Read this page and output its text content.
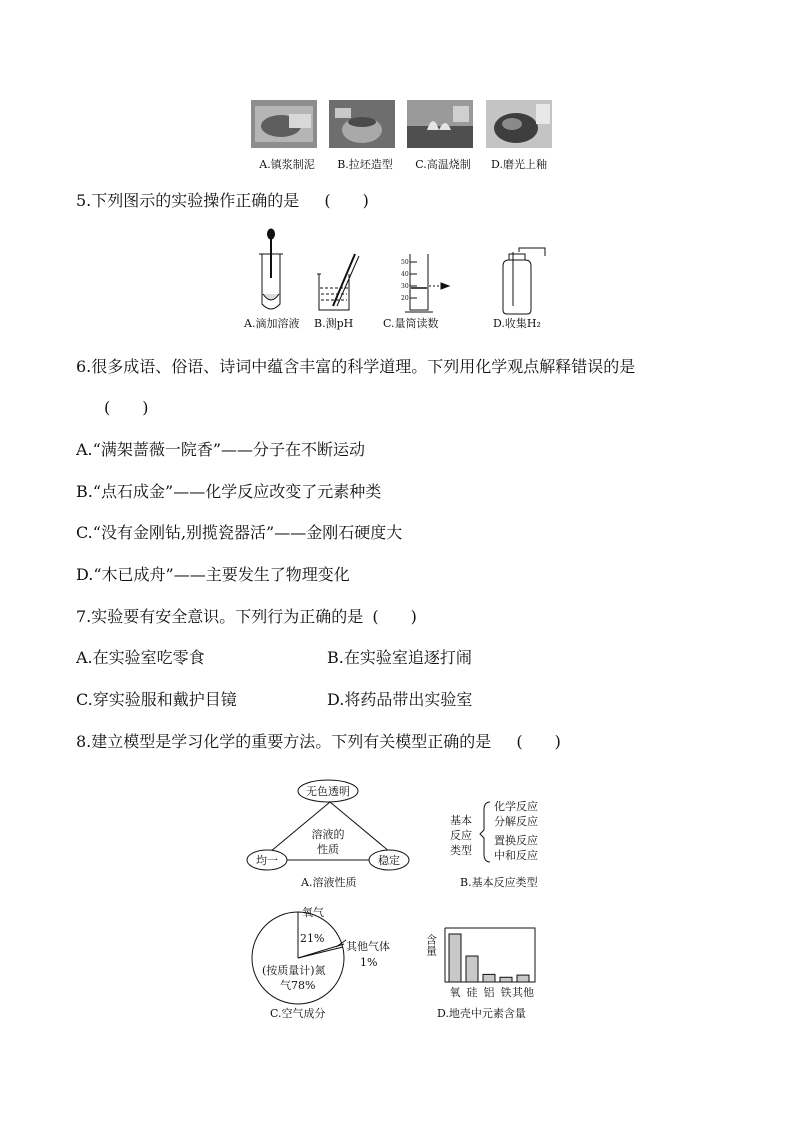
A.镇浆制泥	B.拉坯造型	C.高温烧制	D.磨光上釉
5.下列图示的实验操作正确的是 (　　)
50
40
30
20
A.滴加溶液 B.测pH	C.量筒读数	D.收集H₂
6.很多成语、俗语、诗词中蕴含丰富的科学道理。下列用化学观点解释错误的是
(　　)
A.“满架蔷薇一院香”——分子在不断运动
B.“点石成金”——化学反应改变了元素种类
C.“没有金刚钻,别揽瓷器活”——金刚石硬度大
D.“木已成舟”——主要发生了物理变化
7.实验要有安全意识。下列行为正确的是 (　　)
A.在实验室吃零食	B.在实验室追逐打闹
C.穿实验服和戴护目镜	D.将药品带出实验室
8.建立模型是学习化学的重要方法。下列有关模型正确的是 (　　)
无色透明
均一	稳定
溶液的
性质
A.溶液性质
基本
反应
类型
化学反应
分解反应
置换反应
中和反应
B.基本反应类型
氧气
21%
其他气体
1%
(按质量计)氮
气78%
C.空气成分
含量
氧 硅 铝 铁 其他
D.地壳中元素含量
